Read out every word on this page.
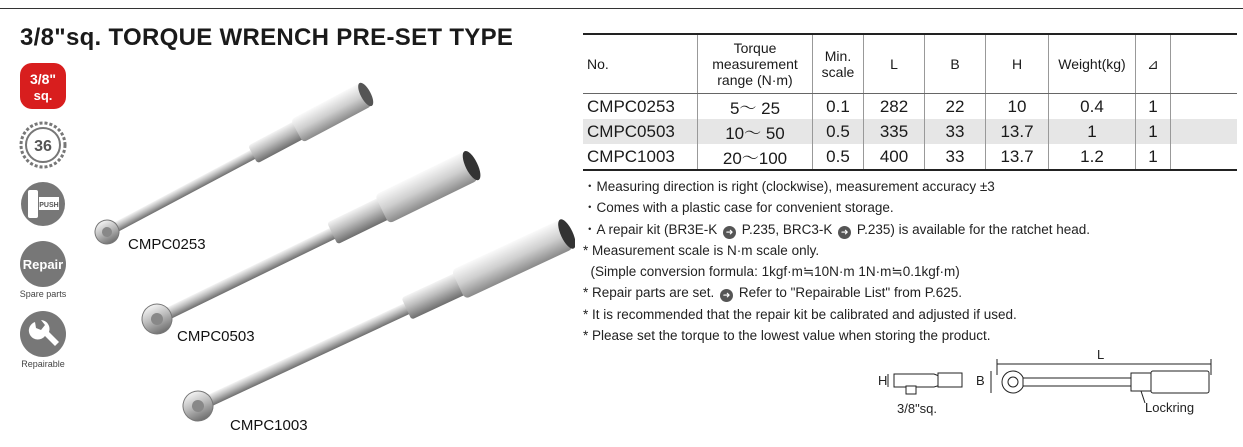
3/8"sq. TORQUE WRENCH PRE-SET TYPE
3/8"
sq.
36
PUSH
Repair
Spare parts
Repairable
CMPC0253
CMPC0503
CMPC1003
No.	Torque measurement range (N·m)	Min. scale	L	B	H	Weight(kg)	⊿	
CMPC0253	5～ 25	0.1	282	22	10	0.4	1	
CMPC0503	10～ 50	0.5	335	33	13.7	1	1	
CMPC1003	20～100	0.5	400	33	13.7	1.2	1	
・Measuring direction is right (clockwise), measurement accuracy ±3
・Comes with a plastic case for convenient storage.
・A repair kit (BR3E-K ➜ P.235, BRC3-K ➜ P.235) is available for the ratchet head.
* Measurement scale is N·m scale only.
(Simple conversion formula: 1kgf·m≒10N·m 1N·m≒0.1kgf·m)
* Repair parts are set. ➜ Refer to "Repairable List" from P.625.
* It is recommended that the repair kit be calibrated and adjusted if used.
* Please set the torque to the lowest value when storing the product.
H
3/8"sq.
L
B
Lockring
